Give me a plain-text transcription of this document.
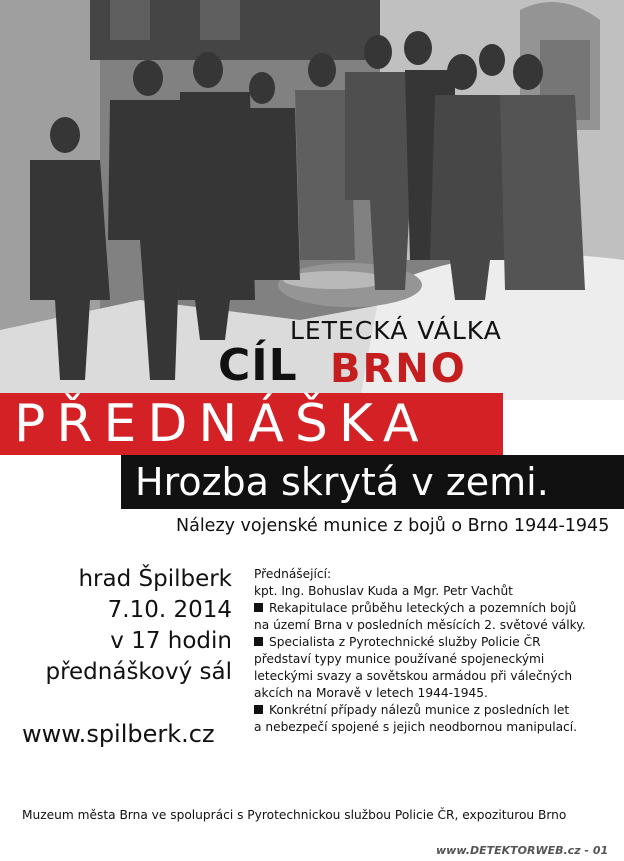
LETECKÁ VÁLKA
CÍL BRNO
PŘEDNÁŠKA
Hrozba skrytá v zemi.
Nálezy vojenské munice z bojů o Brno 1944-1945
hrad Špilberk
7.10. 2014
v 17 hodin
přednáškový sál
www.spilberk.cz
Přednášející:
kpt. Ing. Bohuslav Kuda a Mgr. Petr Vachůt
Rekapitulace průběhu leteckých a pozemních bojů
na území Brna v posledních měsících 2. světové války.
Specialista z Pyrotechnické služby Policie ČR
představí typy munice používané spojeneckými
leteckými svazy a sovětskou armádou při válečných
akcích na Moravě v letech 1944-1945.
Konkrétní případy nálezů munice z posledních let
a nebezpečí spojené s jejich neodbornou manipulací.
Muzeum města Brna ve spolupráci s Pyrotechnickou službou Policie ČR, expoziturou Brno
www.DETEKTORWEB.cz - 01
